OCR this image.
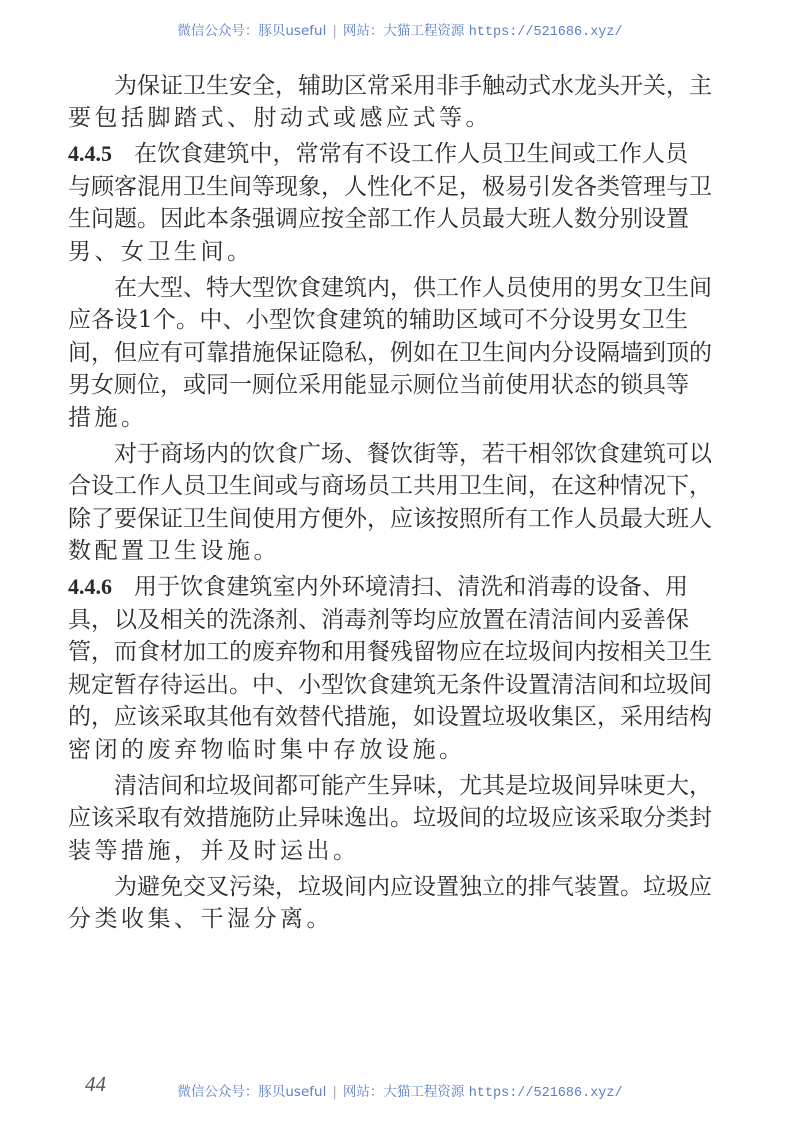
微信公众号：豚贝useful | 网站：大猫工程资源 https://521686.xyz/
为保证卫生安全，辅助区常采用非手触动式水龙头开关，主
要包括脚踏式、肘动式或感应式等。
4.4.5 在饮食建筑中，常常有不设工作人员卫生间或工作人员
与顾客混用卫生间等现象，人性化不足，极易引发各类管理与卫
生问题。因此本条强调应按全部工作人员最大班人数分别设置
男、女卫生间。
在大型、特大型饮食建筑内，供工作人员使用的男女卫生间
应各设1个。中、小型饮食建筑的辅助区域可不分设男女卫生
间，但应有可靠措施保证隐私，例如在卫生间内分设隔墙到顶的
男女厕位，或同一厕位采用能显示厕位当前使用状态的锁具等
措施。
对于商场内的饮食广场、餐饮街等，若干相邻饮食建筑可以
合设工作人员卫生间或与商场员工共用卫生间，在这种情况下，
除了要保证卫生间使用方便外，应该按照所有工作人员最大班人
数配置卫生设施。
4.4.6 用于饮食建筑室内外环境清扫、清洗和消毒的设备、用
具，以及相关的洗涤剂、消毒剂等均应放置在清洁间内妥善保
管，而食材加工的废弃物和用餐残留物应在垃圾间内按相关卫生
规定暂存待运出。中、小型饮食建筑无条件设置清洁间和垃圾间
的，应该采取其他有效替代措施，如设置垃圾收集区，采用结构
密闭的废弃物临时集中存放设施。
清洁间和垃圾间都可能产生异味，尤其是垃圾间异味更大，
应该采取有效措施防止异味逸出。垃圾间的垃圾应该采取分类封
装等措施，并及时运出。
为避免交叉污染，垃圾间内应设置独立的排气装置。垃圾应
分类收集、干湿分离。
44	微信公众号：豚贝useful | 网站：大猫工程资源 https://521686.xyz/
